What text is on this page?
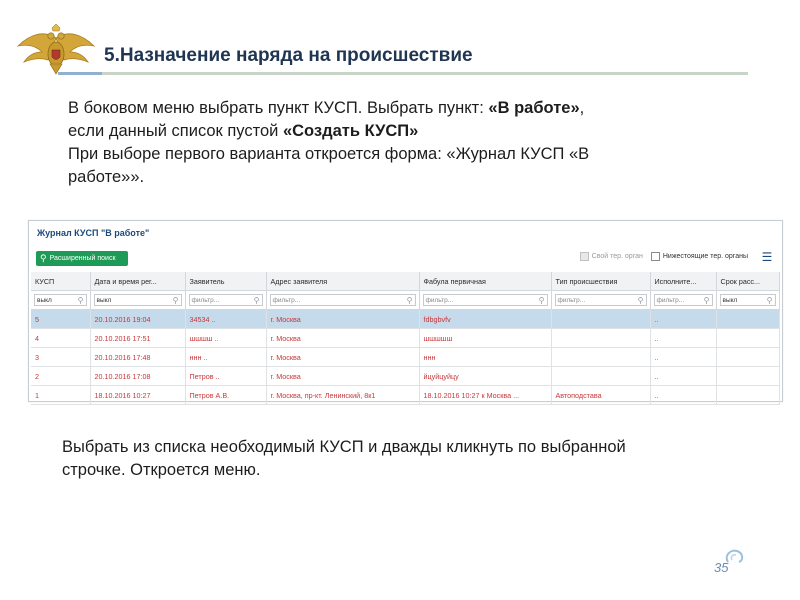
5.Назначение наряда на происшествие
В боковом меню выбрать пункт КУСП. Выбрать пункт: «В работе»,
если данный список пустой «Создать КУСП»
При выборе первого варианта откроется форма: «Журнал КУСП «В
работе»».
Журнал КУСП "В работе"
⚲ Расширенный поиск	Свой тер. орган	Нижестоящие тер. органы ☰
КУСП	Дата и время рег...	Заявитель	Адрес заявителя	Фабула первичная	Тип происшествия	Исполните...	Срок расс...

выкл ⚲	выкл ⚲	фильтр... ⚲	фильтр... ⚲	фильтр... ⚲	фильтр... ⚲	фильтр... ⚲	выкл ⚲

5	20.10.2016 19:04	34534 ..	г. Москва	fdbgbvfv		..	
4	20.10.2016 17:51	шшшш ..	г. Москва	шшшшш		..	
3	20.10.2016 17:48	ннн ..	г. Москва	ннн		..	
2	20.10.2016 17:08	Петров ..	г. Москва	йцуйцуйцу		..	
1	18.10.2016 10:27	Петров А.В.	г. Москва, пр-кт. Ленинский, 8к1	18.10.2016 10:27 к Москва ...	Автоподстава	..	
Выбрать из списка необходимый КУСП и дважды кликнуть по выбранной
строчке. Откроется меню.
35
